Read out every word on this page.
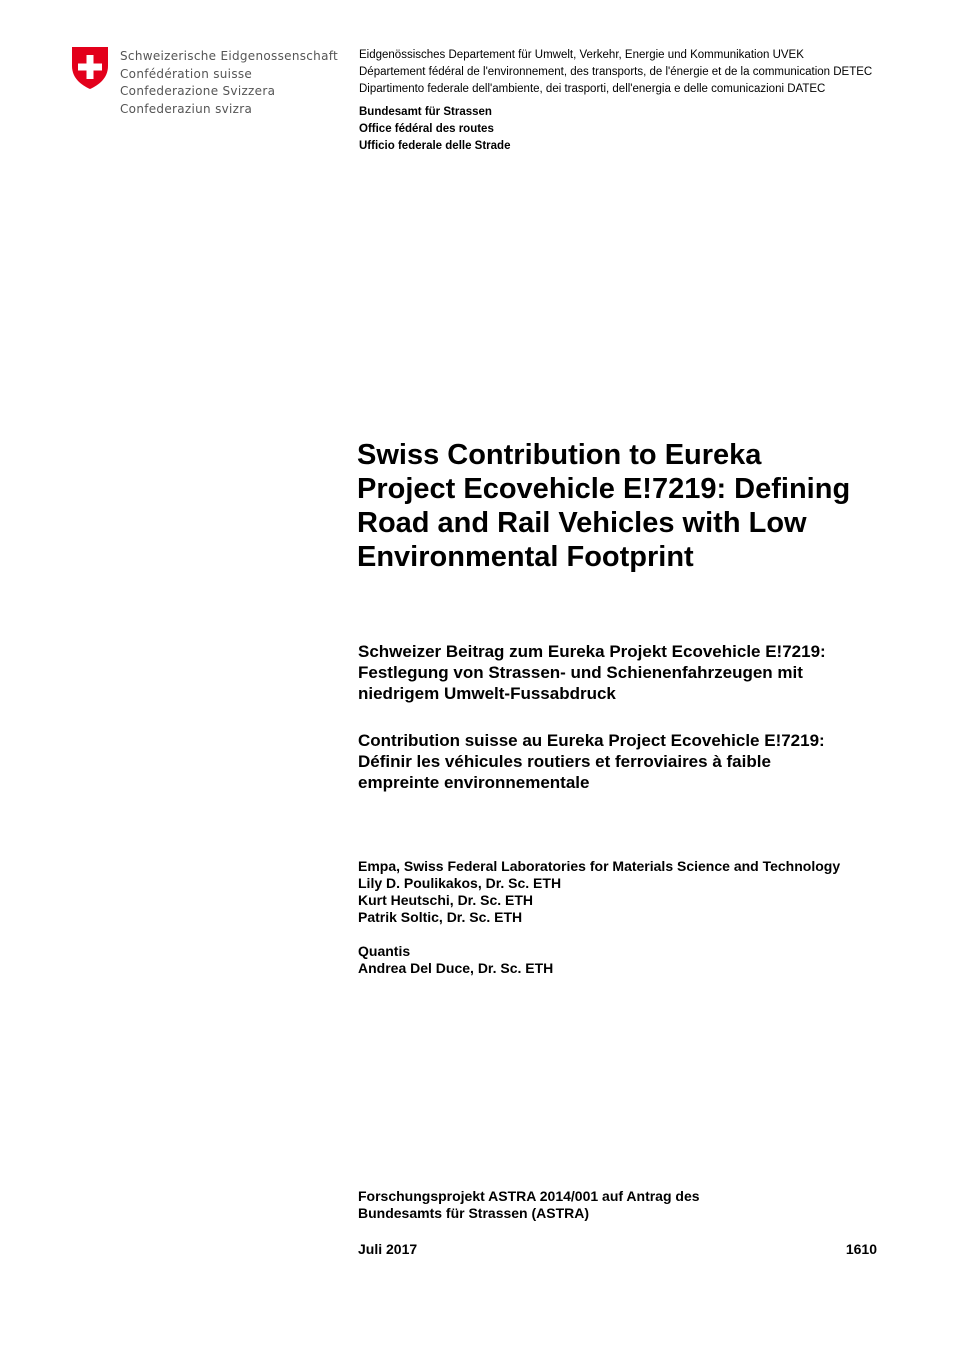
Schweizerische Eidgenossenschaft
Confédération suisse
Confederazione Svizzera
Confederaziun svizra
Eidgenössisches Departement für Umwelt, Verkehr, Energie und Kommunikation UVEK
Département fédéral de l'environnement, des transports, de l'énergie et de la communication DETEC
Dipartimento federale dell'ambiente, dei trasporti, dell'energia e delle comunicazioni DATEC
Bundesamt für Strassen
Office fédéral des routes
Ufficio federale delle Strade
Swiss Contribution to Eureka
Project Ecovehicle E!7219: Defining
Road and Rail Vehicles with Low
Environmental Footprint
Schweizer Beitrag zum Eureka Projekt Ecovehicle E!7219:
Festlegung von Strassen- und Schienenfahrzeugen mit
niedrigem Umwelt-Fussabdruck
Contribution suisse au Eureka Project Ecovehicle E!7219:
Définir les véhicules routiers et ferroviaires à faible
empreinte environnementale
Empa, Swiss Federal Laboratories for Materials Science and Technology
Lily D. Poulikakos, Dr. Sc. ETH
Kurt Heutschi, Dr. Sc. ETH
Patrik Soltic, Dr. Sc. ETH
Quantis
Andrea Del Duce, Dr. Sc. ETH
Forschungsprojekt ASTRA 2014/001 auf Antrag des
Bundesamts für Strassen (ASTRA)
Juli 2017	1610
